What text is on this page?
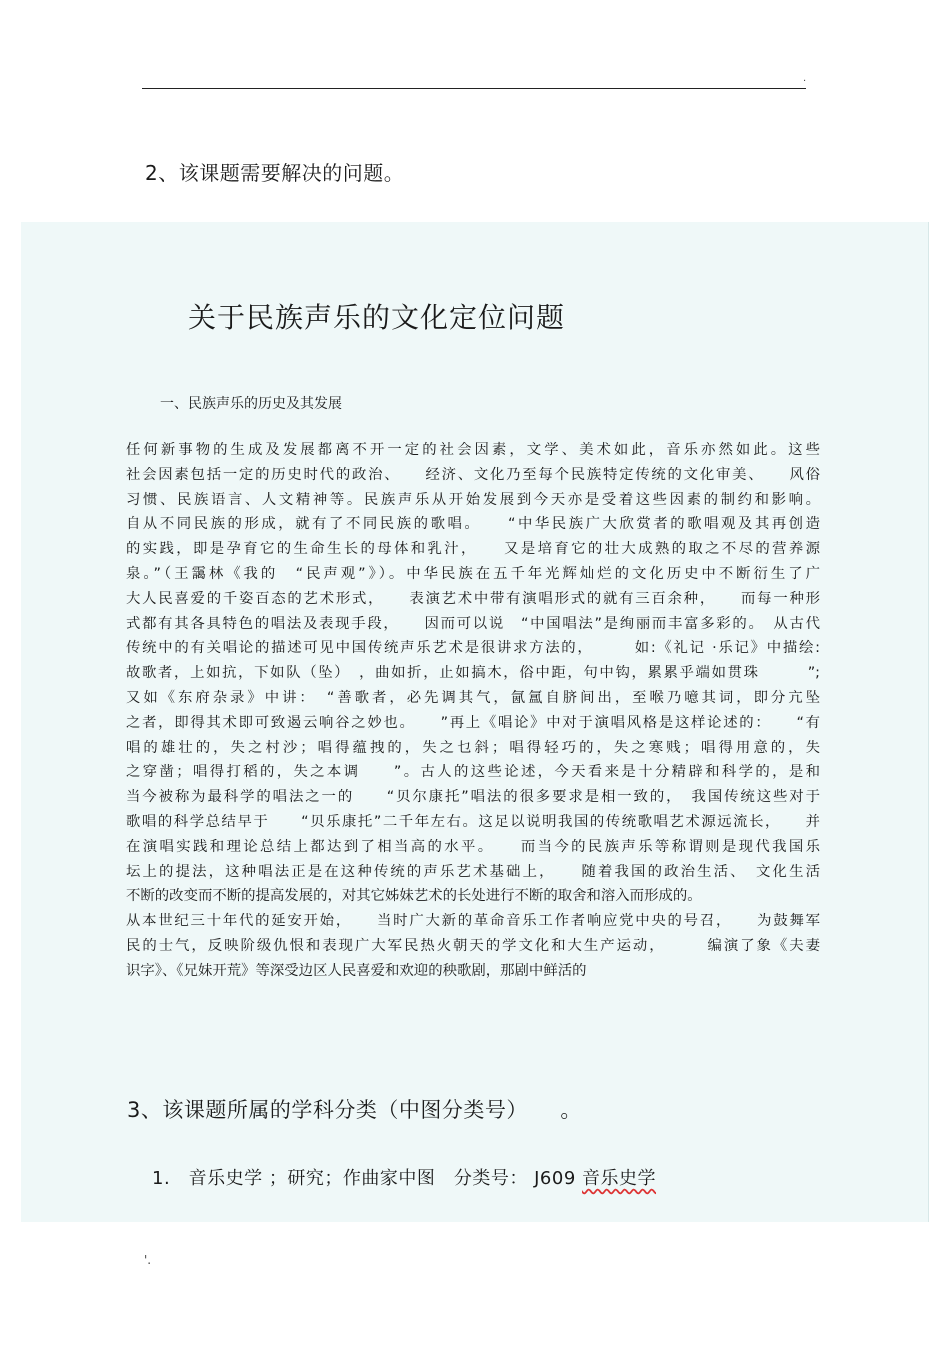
.
2、该课题需要解决的问题。
关于民族声乐的文化定位问题
一、民族声乐的历史及其发展
任何新事物的生成及发展都离不开一定的社会因素，文学、美术如此，音乐亦然如此。这些
社会因素包括一定的历史时代的政治、　　经济、文化乃至每个民族特定传统的文化审美、　　风俗
习惯、民族语言、人文精神等。民族声乐从开始发展到今天亦是受着这些因素的制约和影响。
自从不同民族的形成，就有了不同民族的歌唱。　　“中华民族广大欣赏者的歌唱观及其再创造
的实践，即是孕育它的生命生长的母体和乳汁，　　又是培育它的壮大成熟的取之不尽的营养源
泉。”（王靄林《我的　“民声观”》）。中华民族在五千年光辉灿烂的文化历史中不断衍生了广
大人民喜爱的千姿百态的艺术形式，　　表演艺术中带有演唱形式的就有三百余种，　　而每一种形
式都有其各具特色的唱法及表现手段，　　因而可以说　“中国唱法”是绚丽而丰富多彩的。　从古代
传统中的有关唱论的描述可见中国传统声乐艺术是很讲求方法的，　　　如:《礼记 ·乐记》中描绘:
故歌者，上如抗，下如队（坠）　，曲如折，止如搞木，俗中距，句中钩，累累乎端如贯珠　　　”;
又如《东府杂录》中讲：　“善歌者，必先调其气，氤氲自脐间出，至喉乃噫其词，即分亢坠
之者，即得其术即可致遏云响谷之妙也。　　”再上《唱论》中对于演唱风格是这样论述的：　　“有
唱的雄壮的，失之村沙；唱得蕴拽的，失之乜斜；唱得轻巧的，失之寒贱；唱得用意的，失
之穿凿；唱得打稻的，失之本调　　”。古人的这些论述，今天看来是十分精辟和科学的，是和
当今被称为最科学的唱法之一的　　“贝尔康托”唱法的很多要求是相一致的，　我国传统这些对于
歌唱的科学总结早于　　“贝乐康托”二千年左右。这足以说明我国的传统歌唱艺术源远流长，　　并
在演唱实践和理论总结上都达到了相当高的水平。　　而当今的民族声乐等称谓则是现代我国乐
坛上的提法，这种唱法正是在这种传统的声乐艺术基础上，　　随着我国的政治生活、　文化生活
不断的改变而不断的提高发展的，对其它姊妹艺术的长处进行不断的取舍和溶入而形成的。
从本世纪三十年代的延安开始，　　当时广大新的革命音乐工作者响应党中央的号召，　　为鼓舞军
民的士气，反映阶级仇恨和表现广大军民热火朝天的学文化和大生产运动，　　　编演了象《夫妻
识字》、《兄妹开荒》等深受边区人民喜爱和欢迎的秧歌剧，那剧中鲜活的
3、该课题所属的学科分类（中图分类号）　　。
1.　音乐史学 ；研究；作曲家中图　分类号： J609 音乐史学
'.
